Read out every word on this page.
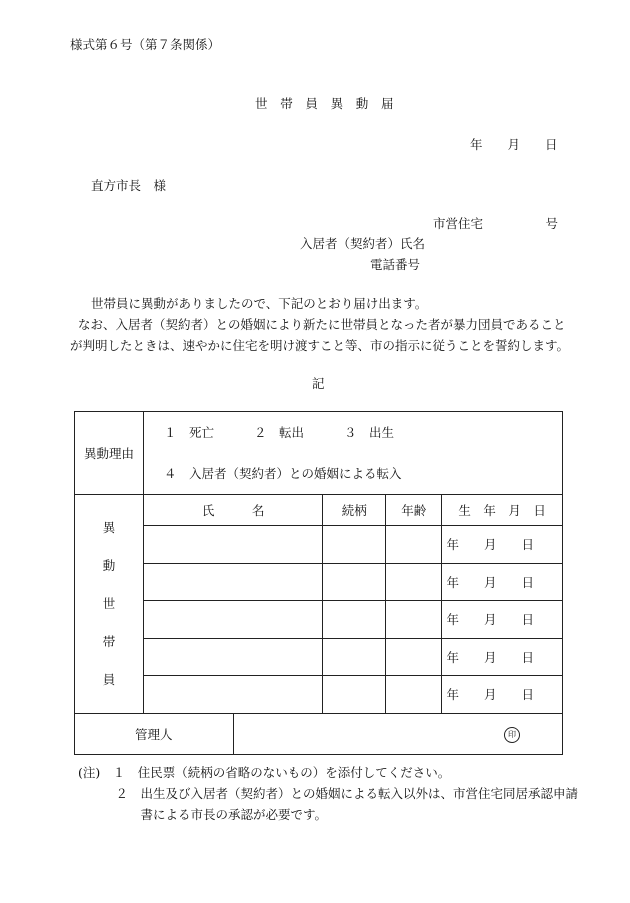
様式第６号（第７条関係）
世　帯　員　異　動　届
年　　月　　日
直方市長　様
市営住宅　　　　　号
入居者（契約者）氏名
電話番号
世帯員に異動がありましたので、下記のとおり届け出ます。
なお、入居者（契約者）との婚姻により新たに世帯員となった者が暴力団員であること
が判明したときは、速やかに住宅を明け渡すこと等、市の指示に従うことを誓約します。
記
異動理由	１　死亡 ２　転出 ３　出生
４　入居者（契約者）との婚姻による転入				

異
動
世
帯
員	氏　　　名		続柄	年齢	生　年　月　日
					年　　月　　日
					年　　月　　日
					年　　月　　日
					年　　月　　日
					年　　月　　日
管理人		印			
(注)　１　住民票（続柄の省略のないもの）を添付してください。
　　　２　出生及び入居者（契約者）との婚姻による転入以外は、市営住宅同居承認申請
　　　　　書による市長の承認が必要です。
